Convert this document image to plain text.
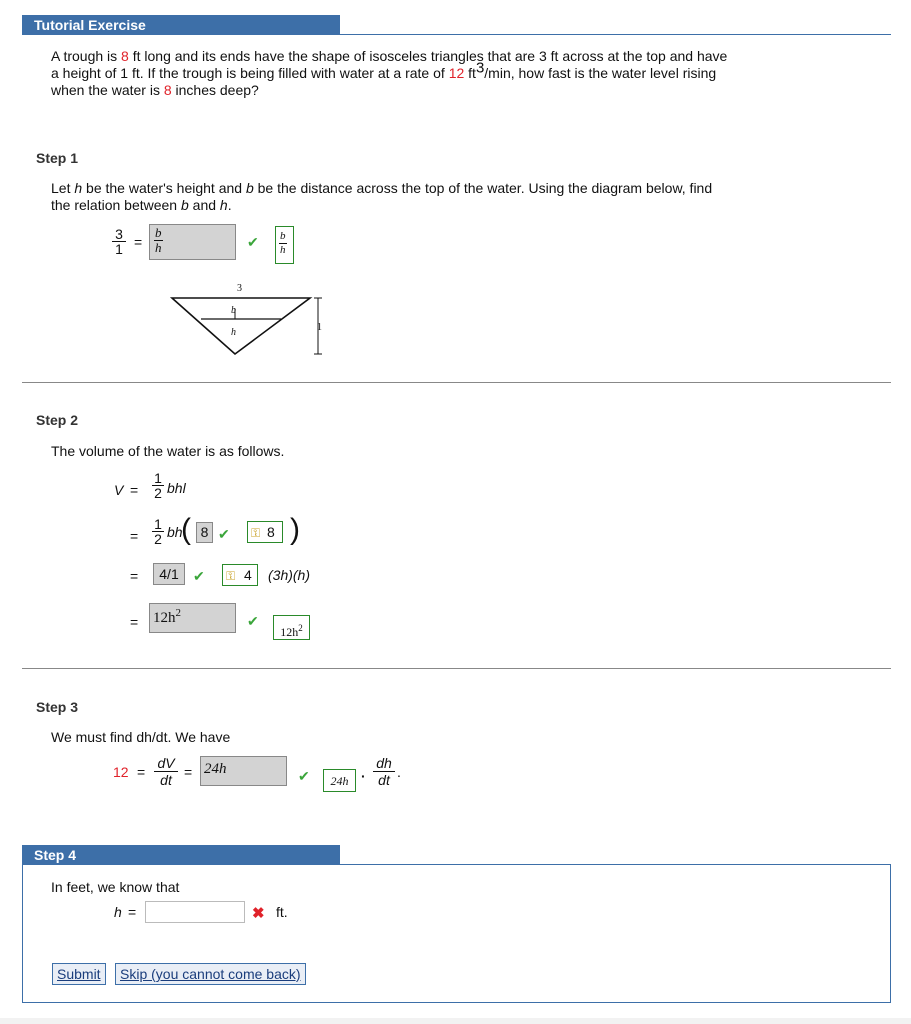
Tutorial Exercise
A trough is 8 ft long and its ends have the shape of isosceles triangles that are 3 ft across at the top and have
a height of 1 ft. If the trough is being filled with water at a rate of 12 $ft^3/\min$, how fast is the water level rising
when the water is 8 inches deep?
Step 1
Let h be the water's height and b be the distance across the top of the water. Using the diagram below, find
the relation between b and h.
$\frac{3}{1} = \frac{b}{h}$	✔ $\frac{b}{h}$
3
b
h	1
Step 2
The volume of the water is as follows.
$V = \frac{1}{2}$ bhl
= $\frac{1}{2}$ bh
( 8 ✔	⚿ 8 )
=	4/1	✔	⚿ 4	(3h)(h)
= $12h^2$	✔
$12h^2$
Step 3
We must find dh/dt. We have
$12 = \frac{dV}{dt} = 24h$	✔	$24h \cdot \frac{dh}{dt}$ .
Step 4
In feet, we know that
h =	✖ ft.
Submit	Skip (you cannot come back)
